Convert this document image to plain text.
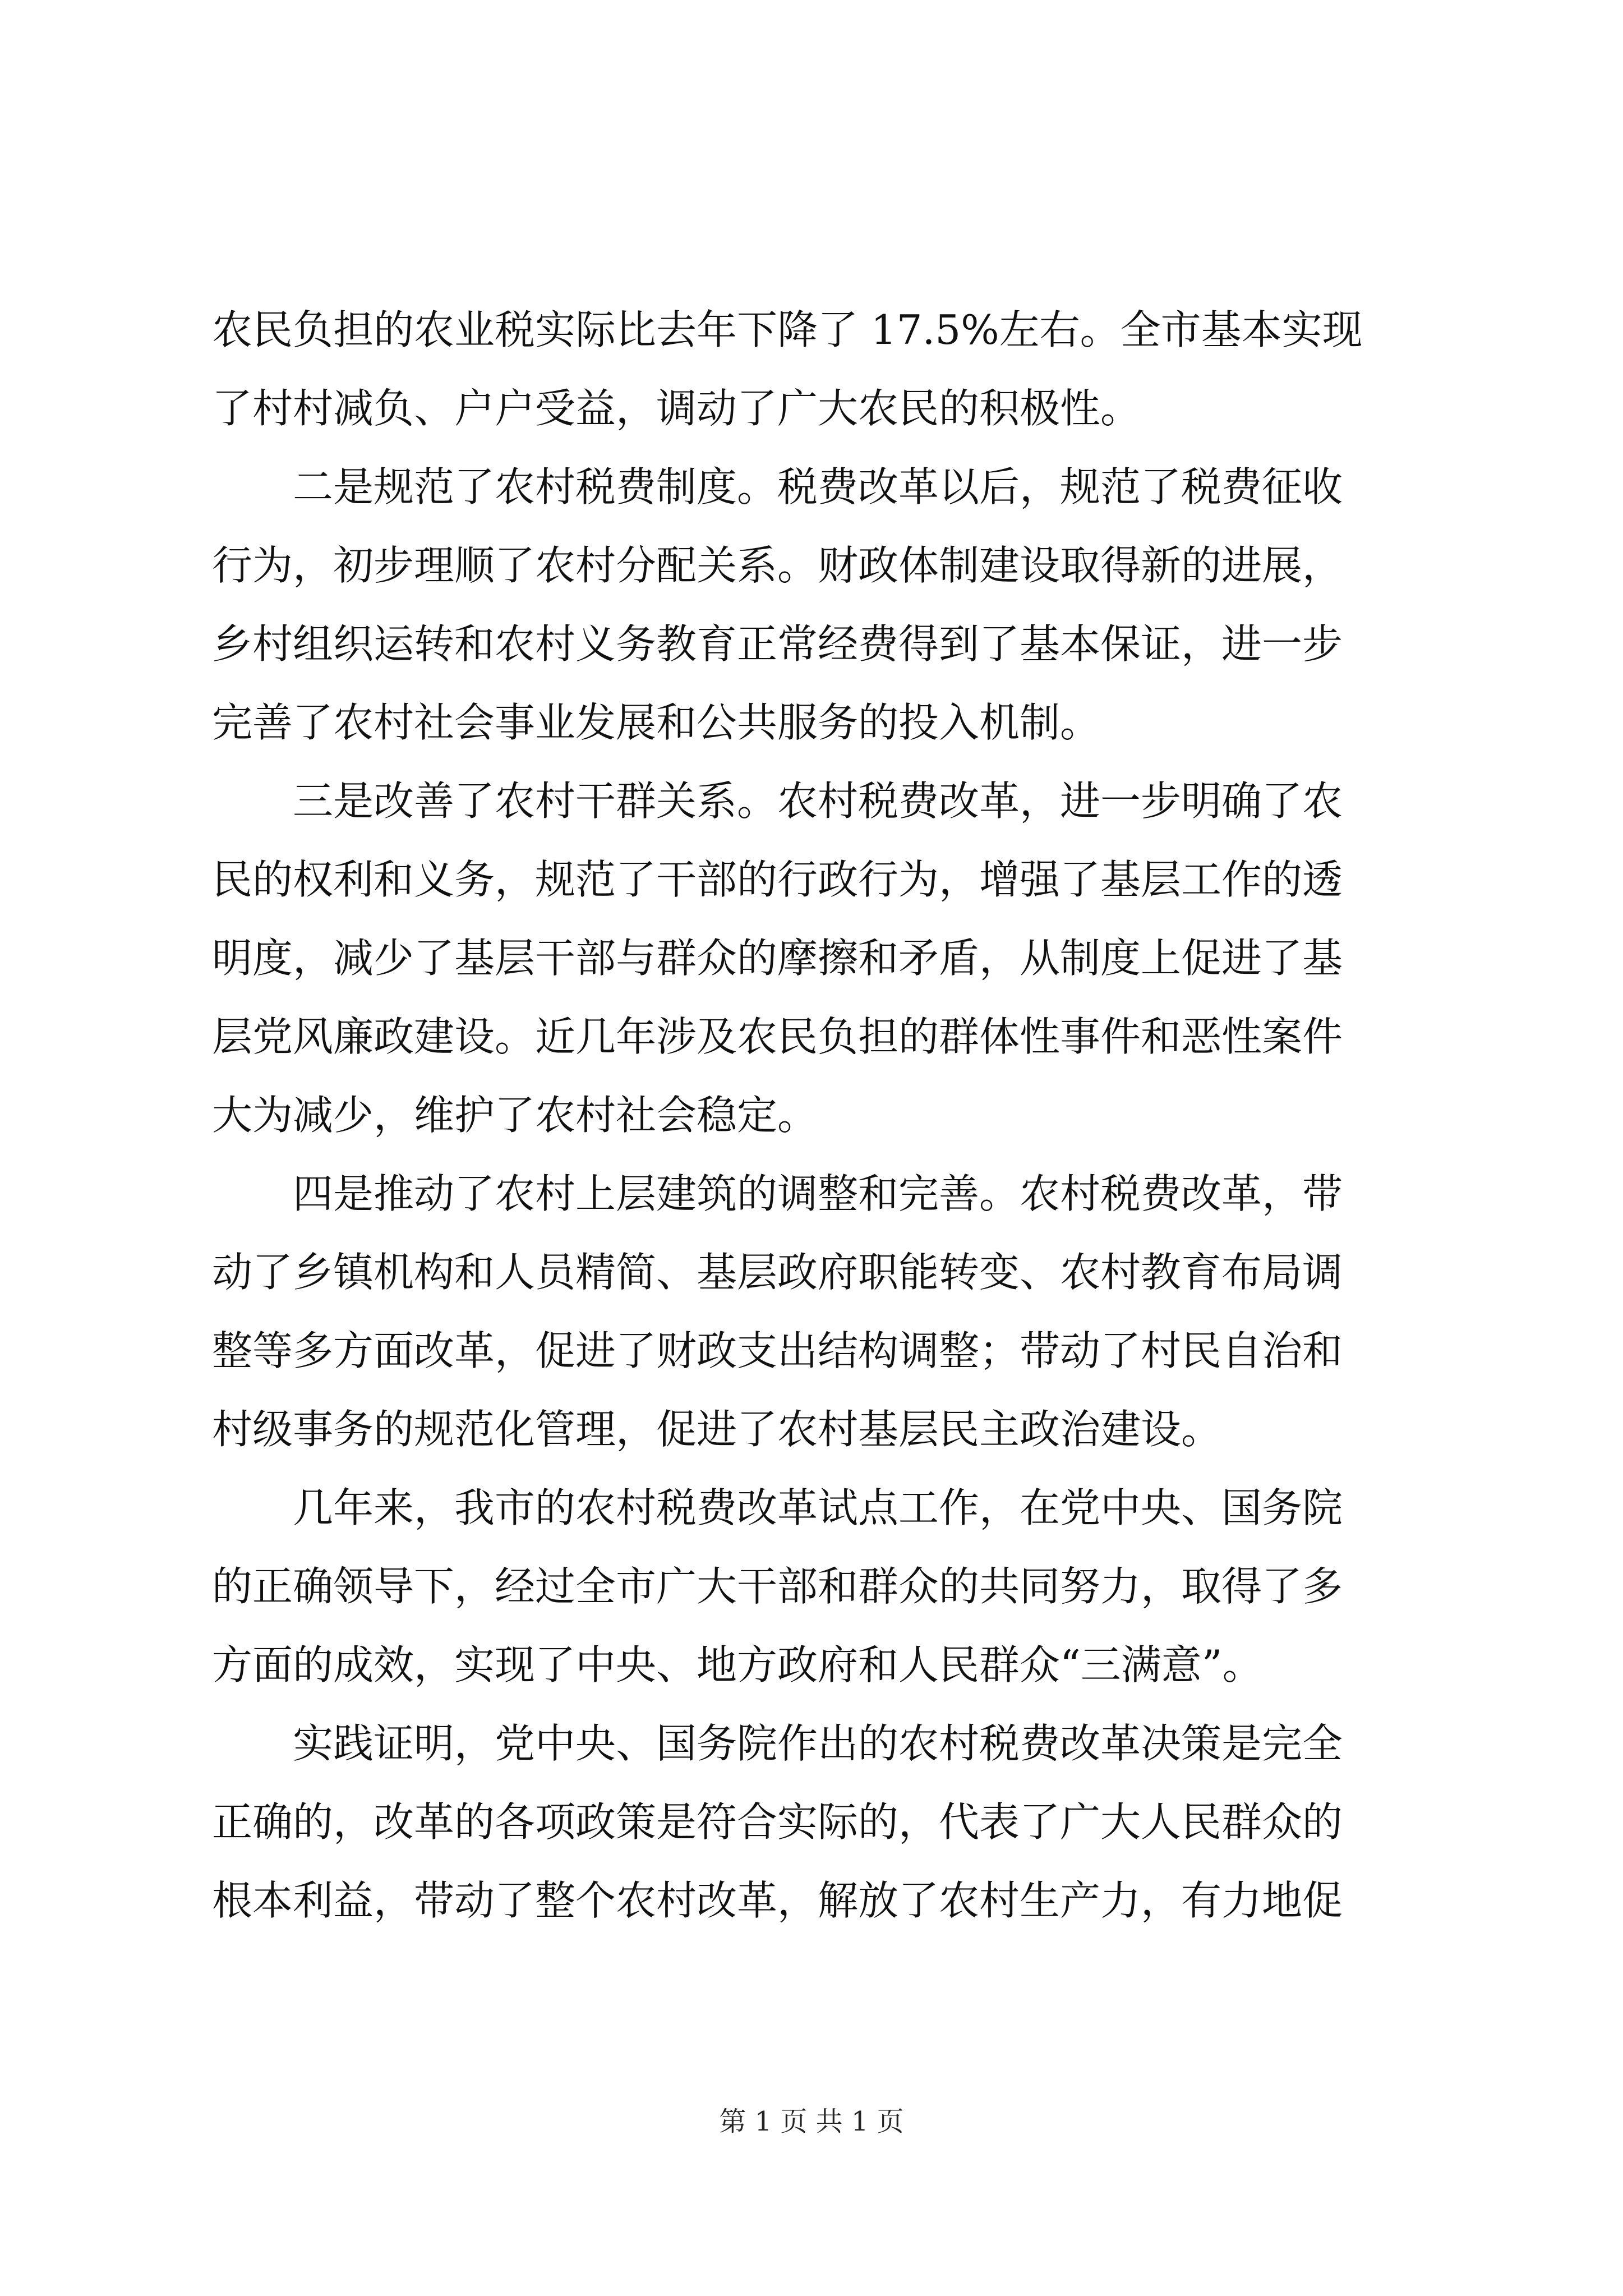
农民负担的农业税实际比去年下降了 17.5%左右。全市基本实现
了村村减负、户户受益，调动了广大农民的积极性。
　　二是规范了农村税费制度。税费改革以后，规范了税费征收
行为，初步理顺了农村分配关系。财政体制建设取得新的进展，
乡村组织运转和农村义务教育正常经费得到了基本保证，进一步
完善了农村社会事业发展和公共服务的投入机制。
　　三是改善了农村干群关系。农村税费改革，进一步明确了农
民的权利和义务，规范了干部的行政行为，增强了基层工作的透
明度，减少了基层干部与群众的摩擦和矛盾，从制度上促进了基
层党风廉政建设。近几年涉及农民负担的群体性事件和恶性案件
大为减少，维护了农村社会稳定。
　　四是推动了农村上层建筑的调整和完善。农村税费改革，带
动了乡镇机构和人员精简、基层政府职能转变、农村教育布局调
整等多方面改革，促进了财政支出结构调整；带动了村民自治和
村级事务的规范化管理，促进了农村基层民主政治建设。
　　几年来，我市的农村税费改革试点工作，在党中央、国务院
的正确领导下，经过全市广大干部和群众的共同努力，取得了多
方面的成效，实现了中央、地方政府和人民群众“三满意”。
　　实践证明，党中央、国务院作出的农村税费改革决策是完全
正确的，改革的各项政策是符合实际的，代表了广大人民群众的
根本利益，带动了整个农村改革，解放了农村生产力，有力地促
第 1 页 共 1 页
